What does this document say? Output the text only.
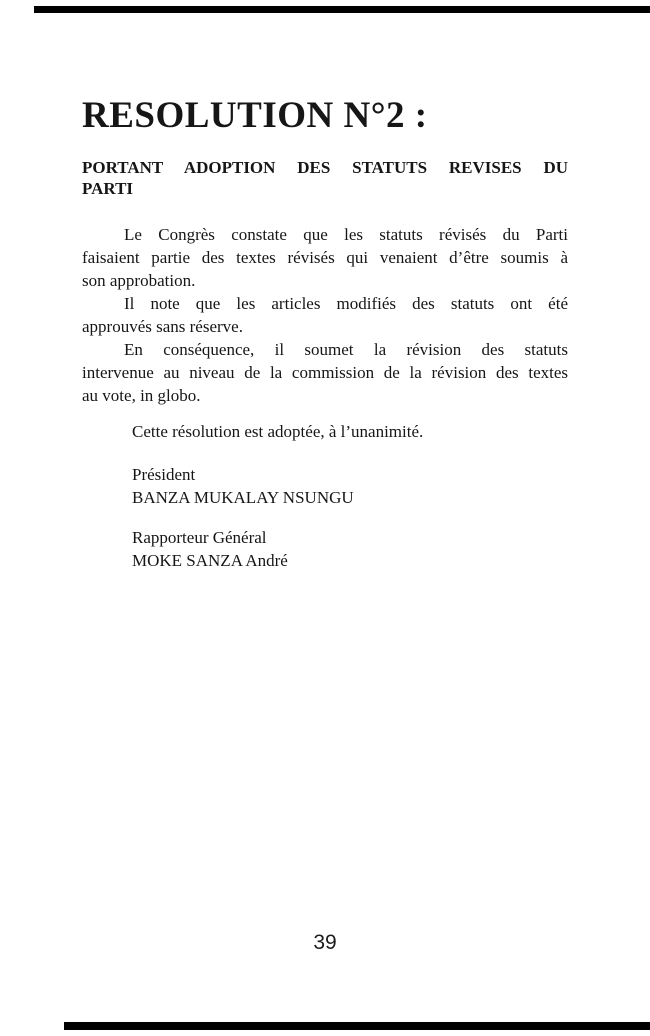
RESOLUTION N°2 :
PORTANT ADOPTION DES STATUTS REVISES DU
PARTI
Le Congrès constate que les statuts révisés du Parti
faisaient partie des textes révisés qui venaient d’être soumis à
son approbation.
Il note que les articles modifiés des statuts ont été
approuvés sans réserve.
En conséquence, il soumet la révision des statuts
intervenue au niveau de la commission de la révision des textes
au vote, in globo.
Cette résolution est adoptée, à l’unanimité.
Président
BANZA MUKALAY NSUNGU
Rapporteur Général
MOKE SANZA André
39
